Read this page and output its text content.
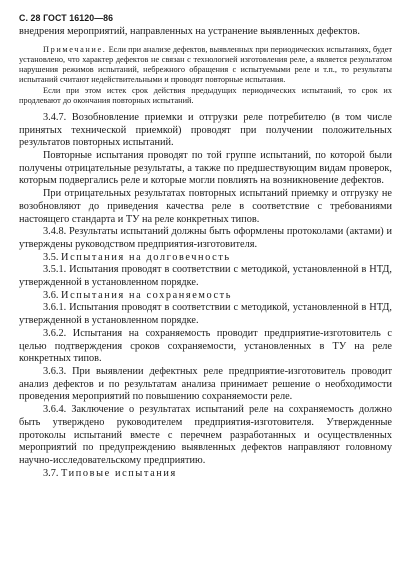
С. 28 ГОСТ 16120—86

внедрения мероприятий, направленных на устранение выявленных дефектов.

Примечание. Если при анализе дефектов, выявленных при периодических испытаниях, будет установлено, что характер дефектов не связан с технологией изготовления реле, а является результатом нарушения режимов испытаний, небрежного обращения с испытуемыми реле и т.п., то результаты испытаний считают недействительными и проводят повторные испытания.

Если при этом истек срок действия предыдущих периодических испытаний, то срок их продлевают до окончания повторных испытаний.

3.4.7. Возобновление приемки и отгрузки реле потребителю (в том числе принятых технической приемкой) проводят при получении положительных результатов повторных испытаний.

Повторные испытания проводят по той группе испытаний, по которой были получены отрицательные результаты, а также по предшествующим видам проверок, которым подвергались реле и которые могли повлиять на возникновение дефектов.

При отрицательных результатах повторных испытаний приемку и отгрузку не возобновляют до приведения качества реле в соответствие с требованиями настоящего стандарта и ТУ на реле конкретных типов.

3.4.8. Результаты испытаний должны быть оформлены протоколами (актами) и утверждены руководством предприятия-изготовителя.

3.5. Испытания на долговечность

3.5.1. Испытания проводят в соответствии с методикой, установленной в НТД, утвержденной в установленном порядке.

3.6. Испытания на сохраняемость

3.6.1. Испытания проводят в соответствии с методикой, установленной в НТД, утвержденной в установленном порядке.

3.6.2. Испытания на сохраняемость проводит предприятие-изготовитель с целью подтверждения сроков сохраняемости, установленных в ТУ на реле конкретных типов.

3.6.3. При выявлении дефектных реле предприятие-изготовитель проводит анализ дефектов и по результатам анализа принимает решение о необходимости проведения мероприятий по повышению сохраняемости реле.

3.6.4. Заключение о результатах испытаний реле на сохраняемость должно быть утверждено руководителем предприятия-изготовителя. Утвержденные протоколы испытаний вместе с перечнем разработанных и осуществленных мероприятий по предупреждению выявленных дефектов направляют головному научно-исследовательскому предприятию.

3.7. Типовые испытания
